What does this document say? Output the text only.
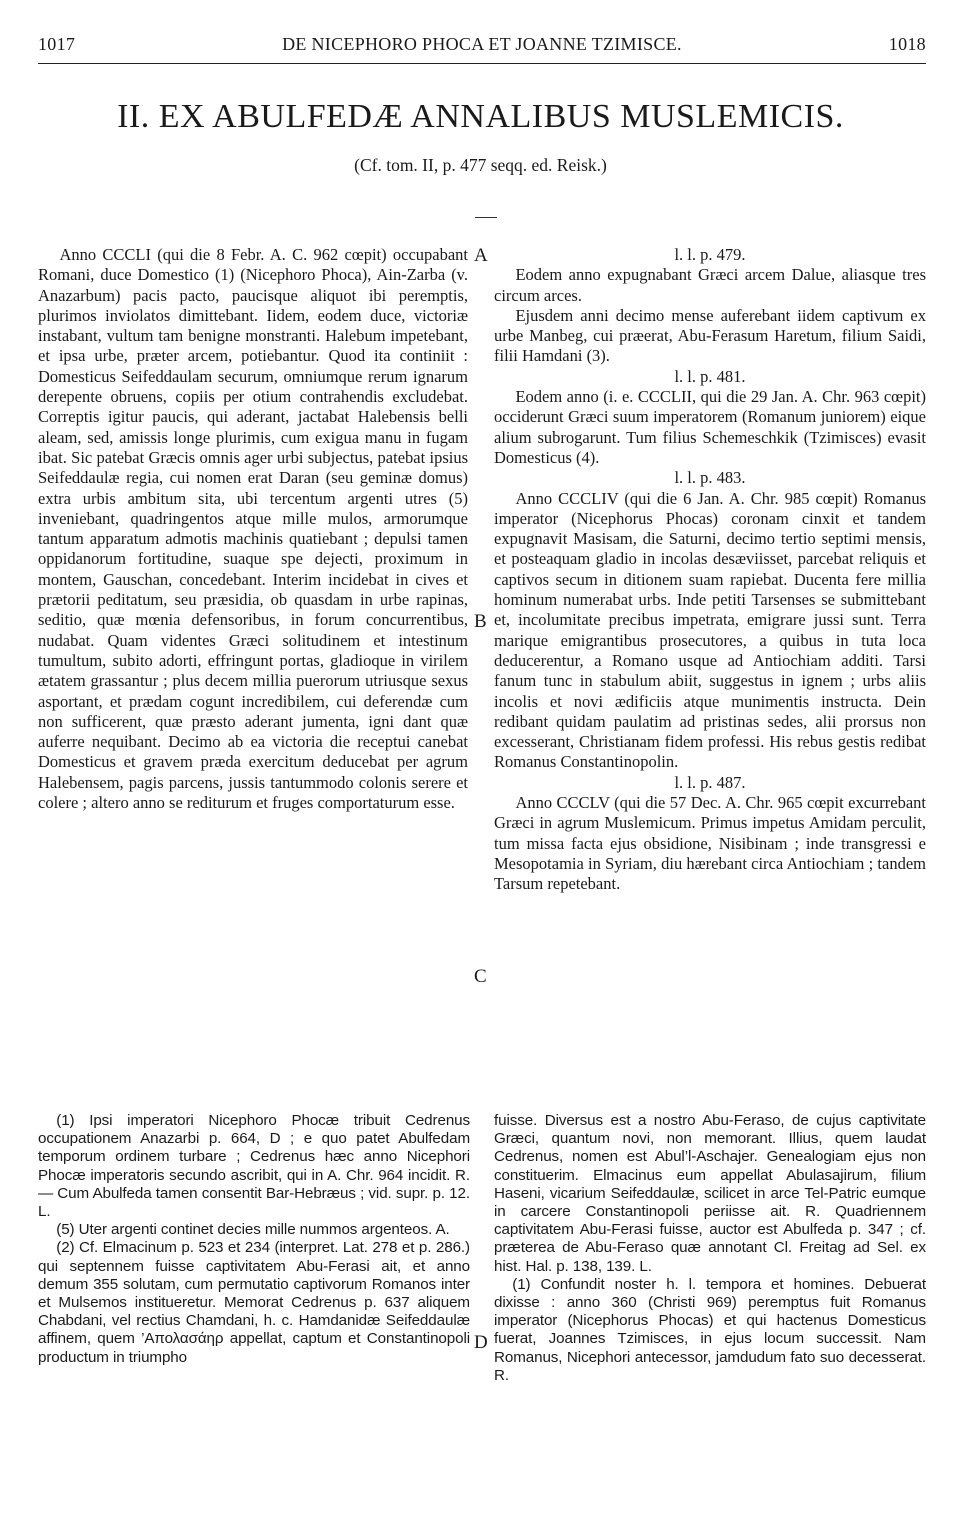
1017	DE NICEPHORO PHOCA ET JOANNE TZIMISCE.	1018
II. EX ABULFEDÆ ANNALIBUS MUSLEMICIS.
(Cf. tom. II, p. 477 seqq. ed. Reisk.)

Anno CCCLI (qui die 8 Febr. A. C. 962 cœpit) occupabant Romani, duce Domestico (1) (Nicephoro Phoca), Ain-Zarba (v. Anazarbum) pacis pacto, paucisque aliquot ibi peremptis, plurimos inviolatos dimittebant. Iidem, eodem duce, victoriæ instabant, vultum tam benigne monstranti. Halebum impetebant, et ipsa urbe, præter arcem, potiebantur. Quod ita continiit : Domesticus Seifeddaulam securum, omniumque rerum ignarum derepente obruens, copiis per otium contrahendis excludebat. Correptis igitur paucis, qui aderant, jactabat Halebensis belli aleam, sed, amissis longe plurimis, cum exigua manu in fugam ibat. Sic patebat Græcis omnis ager urbi subjectus, patebat ipsius Seifeddaulæ regia, cui nomen erat Daran (seu geminæ domus) extra urbis ambitum sita, ubi tercentum argenti utres (5) inveniebant, quadringentos atque mille mulos, armorumque tantum apparatum admotis machinis quatiebant ; depulsi tamen oppidanorum fortitudine, suaque spe dejecti, proximum in montem, Gauschan, concedebant. Interim incidebat in cives et prætorii peditatum, seu præsidia, ob quasdam in urbe rapinas, seditio, quæ mœnia defensoribus, in forum concurrentibus, nudabat. Quam videntes Græci solitudinem et intestinum tumultum, subito adorti, effringunt portas, gladioque in virilem ætatem grassantur ; plus decem millia puerorum utriusque sexus asportant, et prædam cogunt incredibilem, cui deferendæ cum non sufficerent, quæ præsto aderant jumenta, igni dant quæ auferre nequibant. Decimo ab ea victoria die receptui canebat Domesticus et gravem præda exercitum deducebat per agrum Halebensem, pagis parcens, jussis tantummodo colonis serere et colere ; altero anno se rediturum et fruges comportaturum esse.

l. l. p. 479.

Eodem anno expugnabant Græci arcem Dalue, aliasque tres circum arces.

Ejusdem anni decimo mense auferebant iidem captivum ex urbe Manbeg, cui præerat, Abu-Ferasum Haretum, filium Saidi, filii Hamdani (3).

l. l. p. 481.

Eodem anno (i. e. CCCLII, qui die 29 Jan. A. Chr. 963 cœpit) occiderunt Græci suum imperatorem (Romanum juniorem) eique alium subrogarunt. Tum filius Schemeschkik (Tzimisces) evasit Domesticus (4).

l. l. p. 483.

Anno CCCLIV (qui die 6 Jan. A. Chr. 985 cœpit) Romanus imperator (Nicephorus Phocas) coronam cinxit et tandem expugnavit Masisam, die Saturni, decimo tertio septimi mensis, et posteaquam gladio in incolas desæviisset, parcebat reliquis et captivos secum in ditionem suam rapiebat. Ducenta fere millia hominum numerabat urbs. Inde petiti Tarsenses se submittebant et, incolumitate precibus impetrata, emigrare jussi sunt. Terra marique emigrantibus prosecutores, a quibus in tuta loca deducerentur, a Romano usque ad Antiochiam additi. Tarsi fanum tunc in stabulum abiit, suggestus in ignem ; urbs aliis incolis et novi ædificiis atque munimentis instructa. Dein redibant quidam paulatim ad pristinas sedes, alii prorsus non excesserant, Christianam fidem professi. His rebus gestis redibat Romanus Constantinopolin.

l. l. p. 487.

Anno CCCLV (qui die 57 Dec. A. Chr. 965 cœpit excurrebant Græci in agrum Muslemicum. Primus impetus Amidam perculit, tum missa facta ejus obsidione, Nisibinam ; inde transgressi e Mesopotamia in Syriam, diu hærebant circa Antiochiam ; tandem Tarsum repetebant.

A
B
C
D

(1) Ipsi imperatori Nicephoro Phocæ tribuit Cedrenus occupationem Anazarbi p. 664, D ; e quo patet Abulfedam temporum ordinem turbare ; Cedrenus hæc anno Nicephori Phocæ imperatoris secundo ascribit, qui in A. Chr. 964 incidit. R. — Cum Abulfeda tamen consentit Bar-Hebræus ; vid. supr. p. 12. L.

(5) Uter argenti continet decies mille nummos argenteos. A.

(2) Cf. Elmacinum p. 523 et 234 (interpret. Lat. 278 et p. 286.) qui septennem fuisse captivitatem Abu-Ferasi ait, et anno demum 355 solutam, cum permutatio captivorum Romanos inter et Mulsemos institueretur. Memorat Cedrenus p. 637 aliquem Chabdani, vel rectius Chamdani, h. c. Hamdanidæ Seifeddaulæ affinem, quem ’Απολασάηρ appellat, captum et Constantinopoli productum in triumpho

fuisse. Diversus est a nostro Abu-Feraso, de cujus captivitate Græci, quantum novi, non memorant. Illius, quem laudat Cedrenus, nomen est Abul’l-Aschajer. Genealogiam ejus non constituerim. Elmacinus eum appellat Abulasajirum, filium Haseni, vicarium Seifeddaulæ, scilicet in arce Tel-Patric eumque in carcere Constantinopoli periisse ait. R. Quadriennem captivitatem Abu-Ferasi fuisse, auctor est Abulfeda p. 347 ; cf. præterea de Abu-Feraso quæ annotant Cl. Freitag ad Sel. ex hist. Hal. p. 138, 139. L.

(1) Confundit noster h. l. tempora et homines. Debuerat dixisse : anno 360 (Christi 969) peremptus fuit Romanus imperator (Nicephorus Phocas) et qui hactenus Domesticus fuerat, Joannes Tzimisces, in ejus locum successit. Nam Romanus, Nicephori antecessor, jamdudum fato suo decesserat. R.
